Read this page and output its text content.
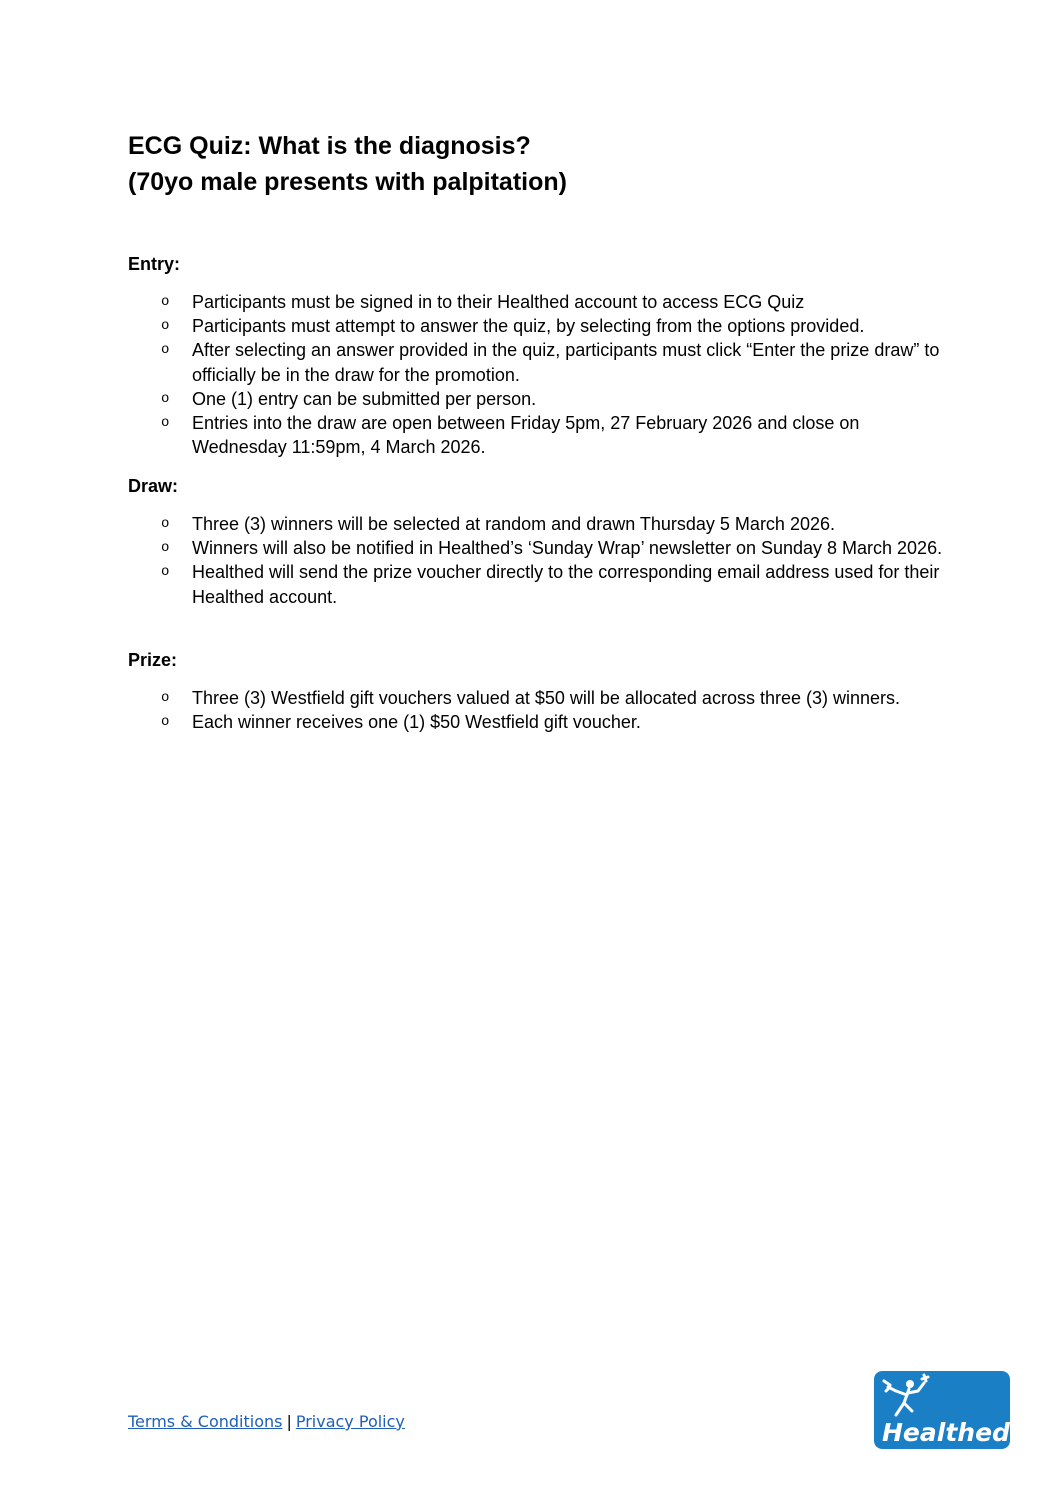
ECG Quiz: What is the diagnosis?
(70yo male presents with palpitation)
Entry:
o Participants must be signed in to their Healthed account to access ECG Quiz
o Participants must attempt to answer the quiz, by selecting from the options provided.
o After selecting an answer provided in the quiz, participants must click “Enter the prize draw” to officially be in the draw for the promotion.
o One (1) entry can be submitted per person.
o Entries into the draw are open between Friday 5pm, 27 February 2026 and close on Wednesday 11:59pm, 4 March 2026.
Draw:
o Three (3) winners will be selected at random and drawn Thursday 5 March 2026.
o Winners will also be notified in Healthed’s ‘Sunday Wrap’ newsletter on Sunday 8 March 2026.
o Healthed will send the prize voucher directly to the corresponding email address used for their Healthed account.
Prize:
o Three (3) Westfield gift vouchers valued at $50 will be allocated across three (3) winners.
o Each winner receives one (1) $50 Westfield gift voucher.
Terms & Conditions | Privacy Policy	Healthed
